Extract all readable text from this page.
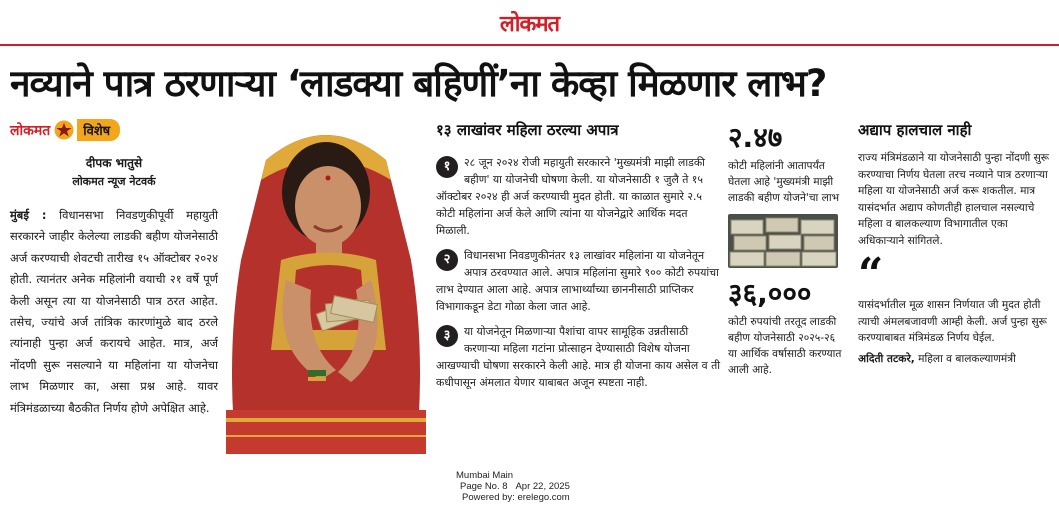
लोकमत
नव्याने पात्र ठरणाऱ्या ‘लाडक्या बहिणीं’ना केव्हा मिळणार लाभ?
लोकमत	विशेष
दीपक भातुसे
लोकमत न्यूज नेटवर्क

मुंबई : विधानसभा निवडणुकीपूर्वी महायुती सरकारने जाहीर केलेल्या लाडकी बहीण योजनेसाठी अर्ज करण्याची शेवटची तारीख १५ ऑक्टोबर २०२४ होती. त्यानंतर अनेक महिलांनी वयाची २१ वर्षे पूर्ण केली असून त्या या योजनेसाठी पात्र ठरत आहेत. तसेच, ज्यांचे अर्ज तांत्रिक कारणांमुळे बाद ठरले त्यांनाही पुन्हा अर्ज करायचे आहेत. मात्र, अर्ज नोंदणी सुरू नसल्याने या महिलांना या योजनेचा लाभ मिळणार का, असा प्रश्न आहे. यावर मंत्रिमंडळाच्या बैठकीत निर्णय होणे अपेक्षित आहे.

१३ लाखांवर महिला ठरल्या अपात्र
१	२८ जून २०२४ रोजी महायुती सरकारने 'मुख्यमंत्री माझी लाडकी बहीण' या योजनेची घोषणा केली. या योजनेसाठी १ जुलै ते १५ ऑक्टोबर २०२४ ही अर्ज करण्याची मुदत होती. या काळात सुमारे २.५ कोटी महिलांना अर्ज केले आणि त्यांना या योजनेद्वारे आर्थिक मदत मिळाली.
२	विधानसभा निवडणुकीनंतर १३ लाखांवर महिलांना या योजनेतून अपात्र ठरवण्यात आले. अपात्र महिलांना सुमारे ९०० कोटी रुपयांचा लाभ देण्यात आला आहे. अपात्र लाभार्थ्यांच्या छाननीसाठी प्राप्तिकर विभागाकडून डेटा गोळा केला जात आहे.
३	या योजनेतून मिळणाऱ्या पैशांचा वापर सामूहिक उन्नतीसाठी करणाऱ्या महिला गटांना प्रोत्साहन देण्यासाठी विशेष योजना आखण्याची घोषणा सरकारने केली आहे. मात्र ही योजना काय असेल व ती कधीपासून अंमलात येणार याबाबत अजून स्पष्टता नाही.
२.४७
कोटी महिलांनी आतापर्यंत घेतला आहे 'मुख्यमंत्री माझी लाडकी बहीण योजने'चा लाभ
३६,०००
कोटी रुपयांची तरतूद लाडकी बहीण योजनेसाठी २०२५-२६ या आर्थिक वर्षासाठी करण्यात आली आहे.
अद्याप हालचाल नाही
राज्य मंत्रिमंडळाने या योजनेसाठी पुन्हा नोंदणी सुरू करण्याचा निर्णय घेतला तरच नव्याने पात्र ठरणाऱ्या महिला या योजनेसाठी अर्ज करू शकतील. मात्र यासंदर्भात अद्याप कोणतीही हालचाल नसल्याचे महिला व बालकल्याण विभागातील एका अधिकाऱ्याने सांगितले.
“
यासंदर्भातील मूळ शासन निर्णयात जी मुदत होती त्याची अंमलबजावणी आम्ही केली. अर्ज पुन्हा सुरू करण्याबाबत मंत्रिमंडळ निर्णय घेईल.
अदिती तटकरे, महिला व बालकल्याणमंत्री
Mumbai Main
Page No. 8 Apr 22, 2025
Powered by: erelego.com
